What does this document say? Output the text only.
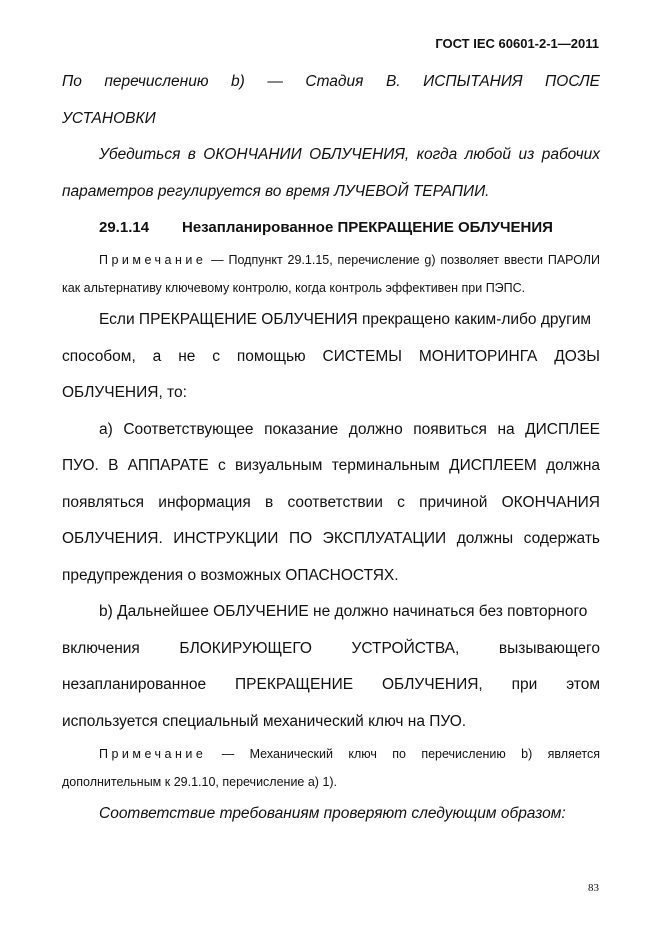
ГОСТ IEC 60601-2-1—2011
По перечислению b) — Стадия В. ИСПЫТАНИЯ ПОСЛЕ
УСТАНОВКИ

Убедиться в ОКОНЧАНИИ ОБЛУЧЕНИЯ, когда любой из рабочих параметров регулируется во время ЛУЧЕВОЙ ТЕРАПИИ.

29.1.14 Незапланированное ПРЕКРАЩЕНИЕ ОБЛУЧЕНИЯ

Примечание — Подпункт 29.1.15, перечисление g) позволяет ввести ПАРОЛИ как альтернативу ключевому контролю, когда контроль эффективен при ПЭПС.

Если ПРЕКРАЩЕНИЕ ОБЛУЧЕНИЯ прекращено каким-либо другим
способом, а не с помощью СИСТЕМЫ МОНИТОРИНГА ДОЗЫ
ОБЛУЧЕНИЯ, то:

a) Соответствующее показание должно появиться на ДИСПЛЕЕ ПУО. В АППАРАТЕ с визуальным терминальным ДИСПЛЕЕМ должна появляться информация в соответствии с причиной ОКОНЧАНИЯ ОБЛУЧЕНИЯ. ИНСТРУКЦИИ ПО ЭКСПЛУАТАЦИИ должны содержать предупреждения о возможных ОПАСНОСТЯХ.

b) Дальнейшее ОБЛУЧЕНИЕ не должно начинаться без повторного
включения	БЛОКИРУЮЩЕГО	УСТРОЙСТВА,	вызывающего
незапланированное ПРЕКРАЩЕНИЕ ОБЛУЧЕНИЯ, при этом
используется специальный механический ключ на ПУО.

Примечание — Механический ключ по перечислению b) является дополнительным к 29.1.10, перечисление а) 1).

Соответствие требованиям проверяют следующим образом:

83
